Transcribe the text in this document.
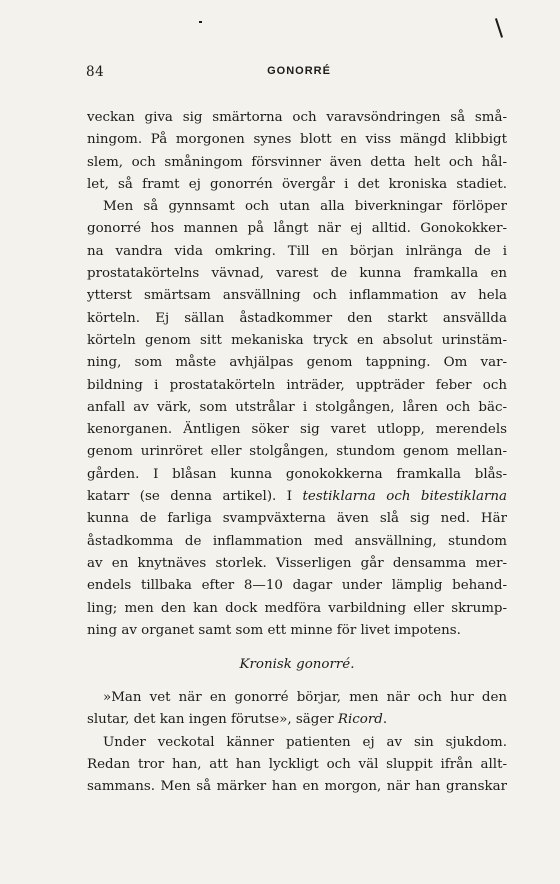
84	GONORRÉ
veckan giva sig smärtorna och varavsöndringen så små-
ningom. På morgonen synes blott en viss mängd klibbigt
slem, och småningom försvinner även detta helt och hål-
let, så framt ej gonorrén övergår i det kroniska stadiet.
Men så gynnsamt och utan alla biverkningar förlöper
gonorré hos mannen på långt när ej alltid. Gonokokker-
na vandra vida omkring. Till en början inlränga de i
prostatakörtelns vävnad, varest de kunna framkalla en
ytterst smärtsam ansvällning och inflammation av hela
körteln. Ej sällan åstadkommer den starkt ansvällda
körteln genom sitt mekaniska tryck en absolut urinstäm-
ning, som måste avhjälpas genom tappning. Om var-
bildning i prostatakörteln inträder, uppträder feber och
anfall av värk, som utstrålar i stolgången, låren och bäc-
kenorganen. Äntligen söker sig varet utlopp, merendels
genom urinröret eller stolgången, stundom genom mellan-
gården. I blåsan kunna gonokokkerna framkalla blås-
katarr (se denna artikel). I testiklarna och bitestiklarna
kunna de farliga svampväxterna även slå sig ned. Här
åstadkomma de inflammation med ansvällning, stundom
av en knytnäves storlek. Visserligen går densamma mer-
endels tillbaka efter 8—10 dagar under lämplig behand-
ling; men den kan dock medföra varbildning eller skrump-
ning av organet samt som ett minne för livet impotens.
Kronisk gonorré.
»Man vet när en gonorré börjar, men när och hur den
slutar, det kan ingen förutse», säger Ricord.
Under veckotal känner patienten ej av sin sjukdom.
Redan tror han, att han lyckligt och väl sluppit ifrån allt-
sammans. Men så märker han en morgon, när han granskar
